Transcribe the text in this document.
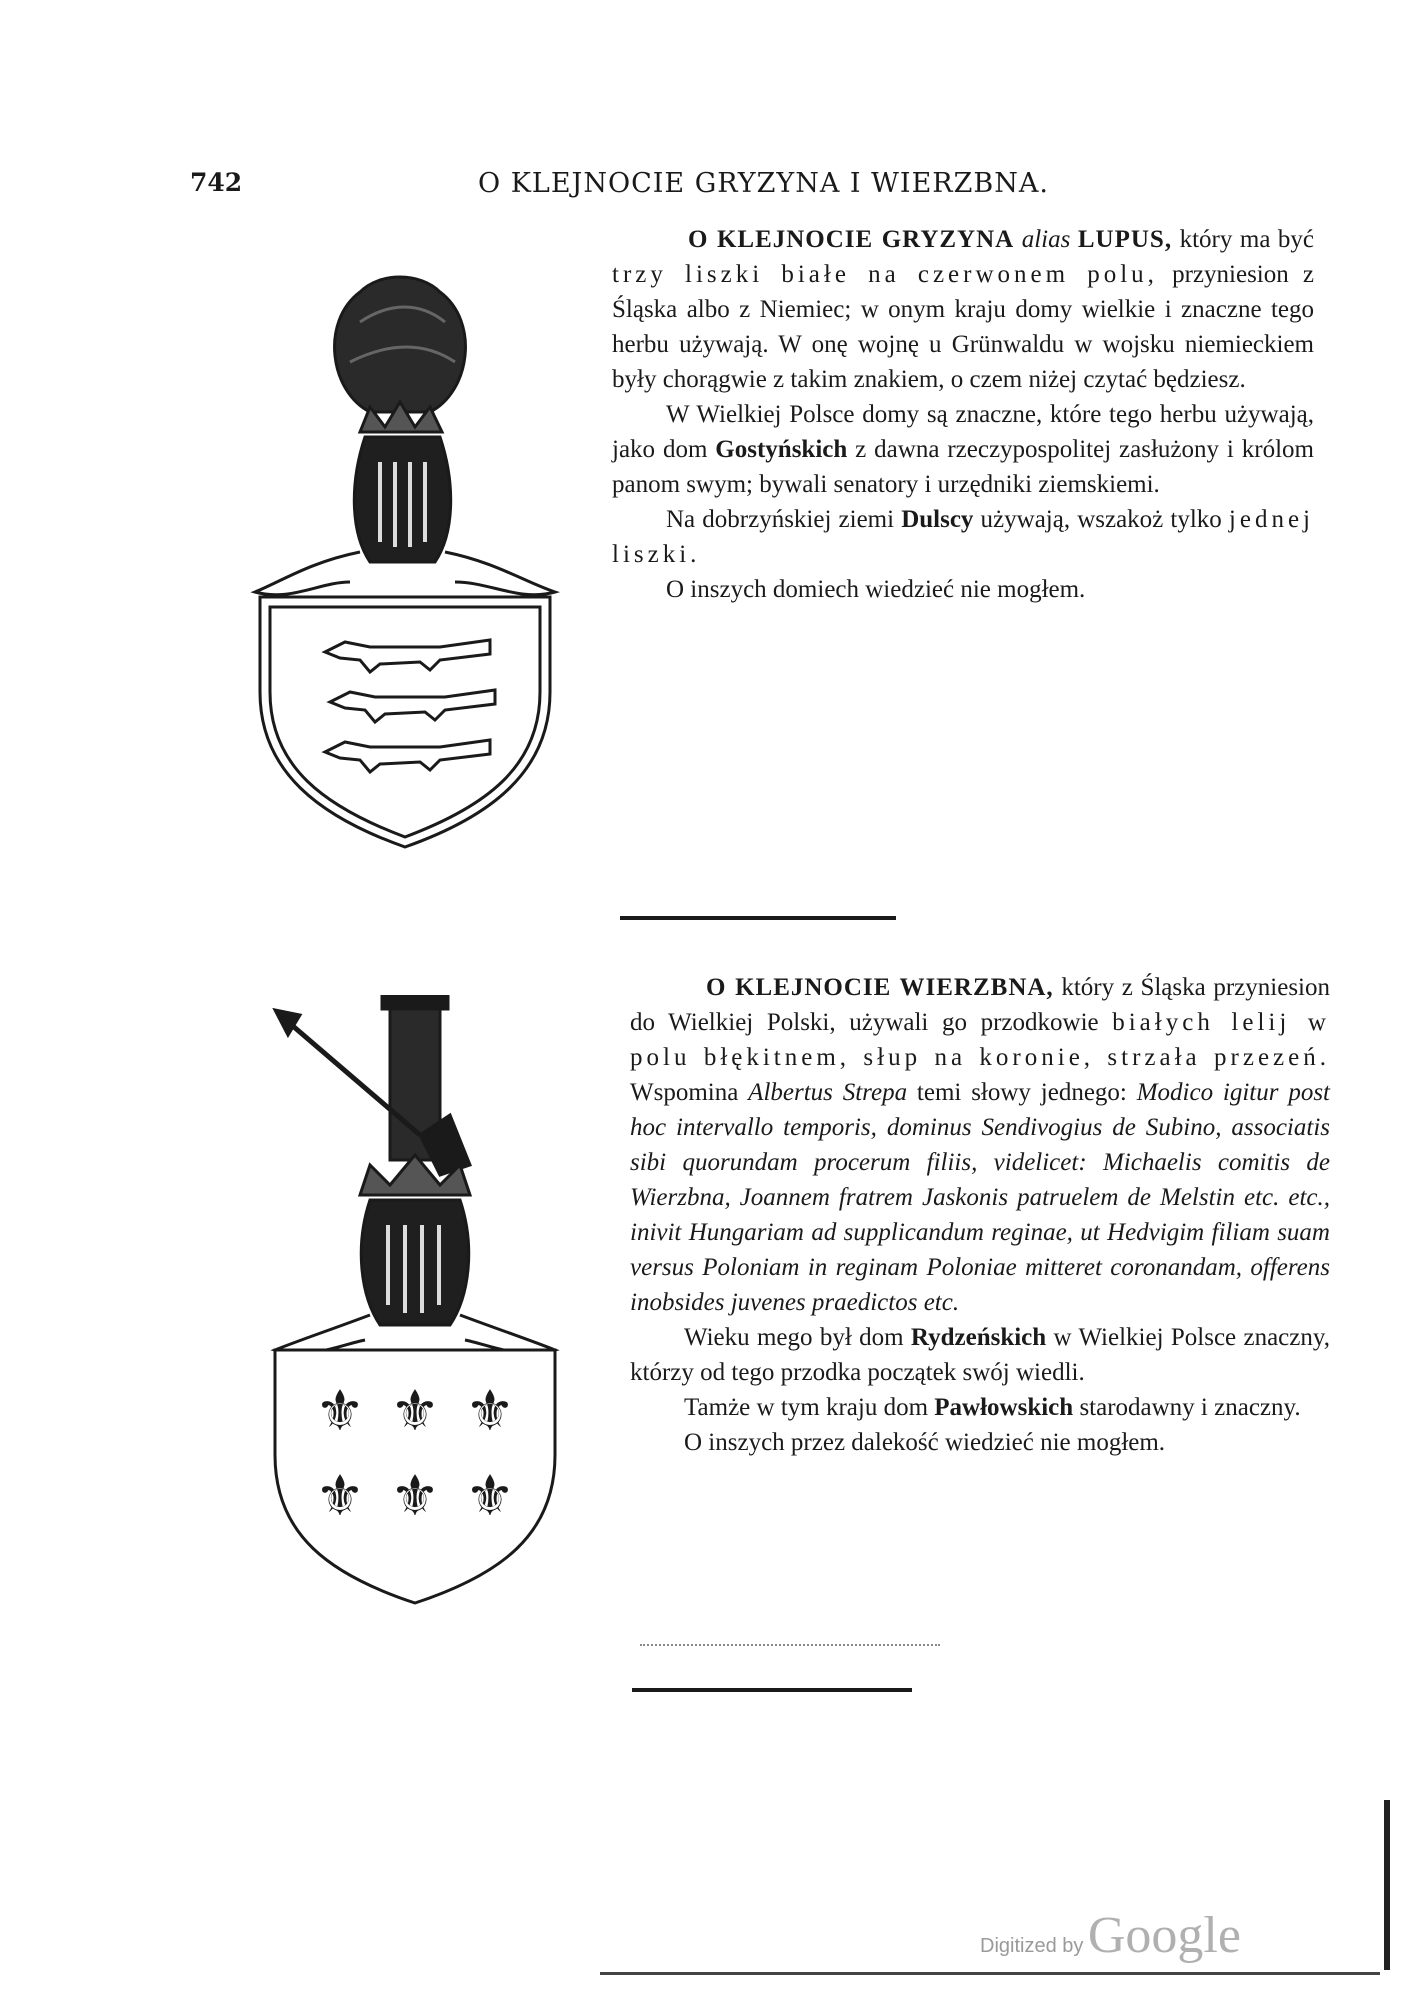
742	O KLEJNOCIE GRYZYNA I WIERZBNA.

O KLEJNOCIE GRYZYNA alias LUPUS, który ma być trzy liszki białe na czerwonem polu, przyniesion z Śląska albo z Niemiec; w onym kraju domy wielkie i znaczne tego herbu używają. W onę wojnę u Grünwaldu w wojsku niemieckiem były chorągwie z takim znakiem, o czem niżej czytać będziesz.

W Wielkiej Polsce domy są znaczne, które tego herbu używają, jako dom Gostyńskich z dawna rzeczypospolitej zasłużony i królom panom swym; bywali senatory i urzędniki ziemskiemi.

Na dobrzyńskiej ziemi Dulscy używają, wszakoż tylko jednej liszki.

O inszych domiech wiedzieć nie mogłem.

⚜ ⚜ ⚜
⚜ ⚜ ⚜

O KLEJNOCIE WIERZBNA, który z Śląska przyniesion do Wielkiej Polski, używali go przodkowie białych lelij w polu błękitnem, słup na koronie, strzała przezeń. Wspomina Albertus Strepa temi słowy jednego: Modico igitur post hoc intervallo temporis, dominus Sendivogius de Subino, associatis sibi quorundam procerum filiis, videlicet: Michaelis comitis de Wierzbna, Joannem fratrem Jaskonis patruelem de Melstin etc. etc., inivit Hungariam ad supplicandum reginae, ut Hedvigim filiam suam versus Poloniam in reginam Poloniae mitteret coronandam, offerens inobsides juvenes praedictos etc.

Wieku mego był dom Rydzeńskich w Wielkiej Polsce znaczny, którzy od tego przodka początek swój wiedli.

Tamże w tym kraju dom Pawłowskich starodawny i znaczny.

O inszych przez dalekość wiedzieć nie mogłem.

Digitized by Google
